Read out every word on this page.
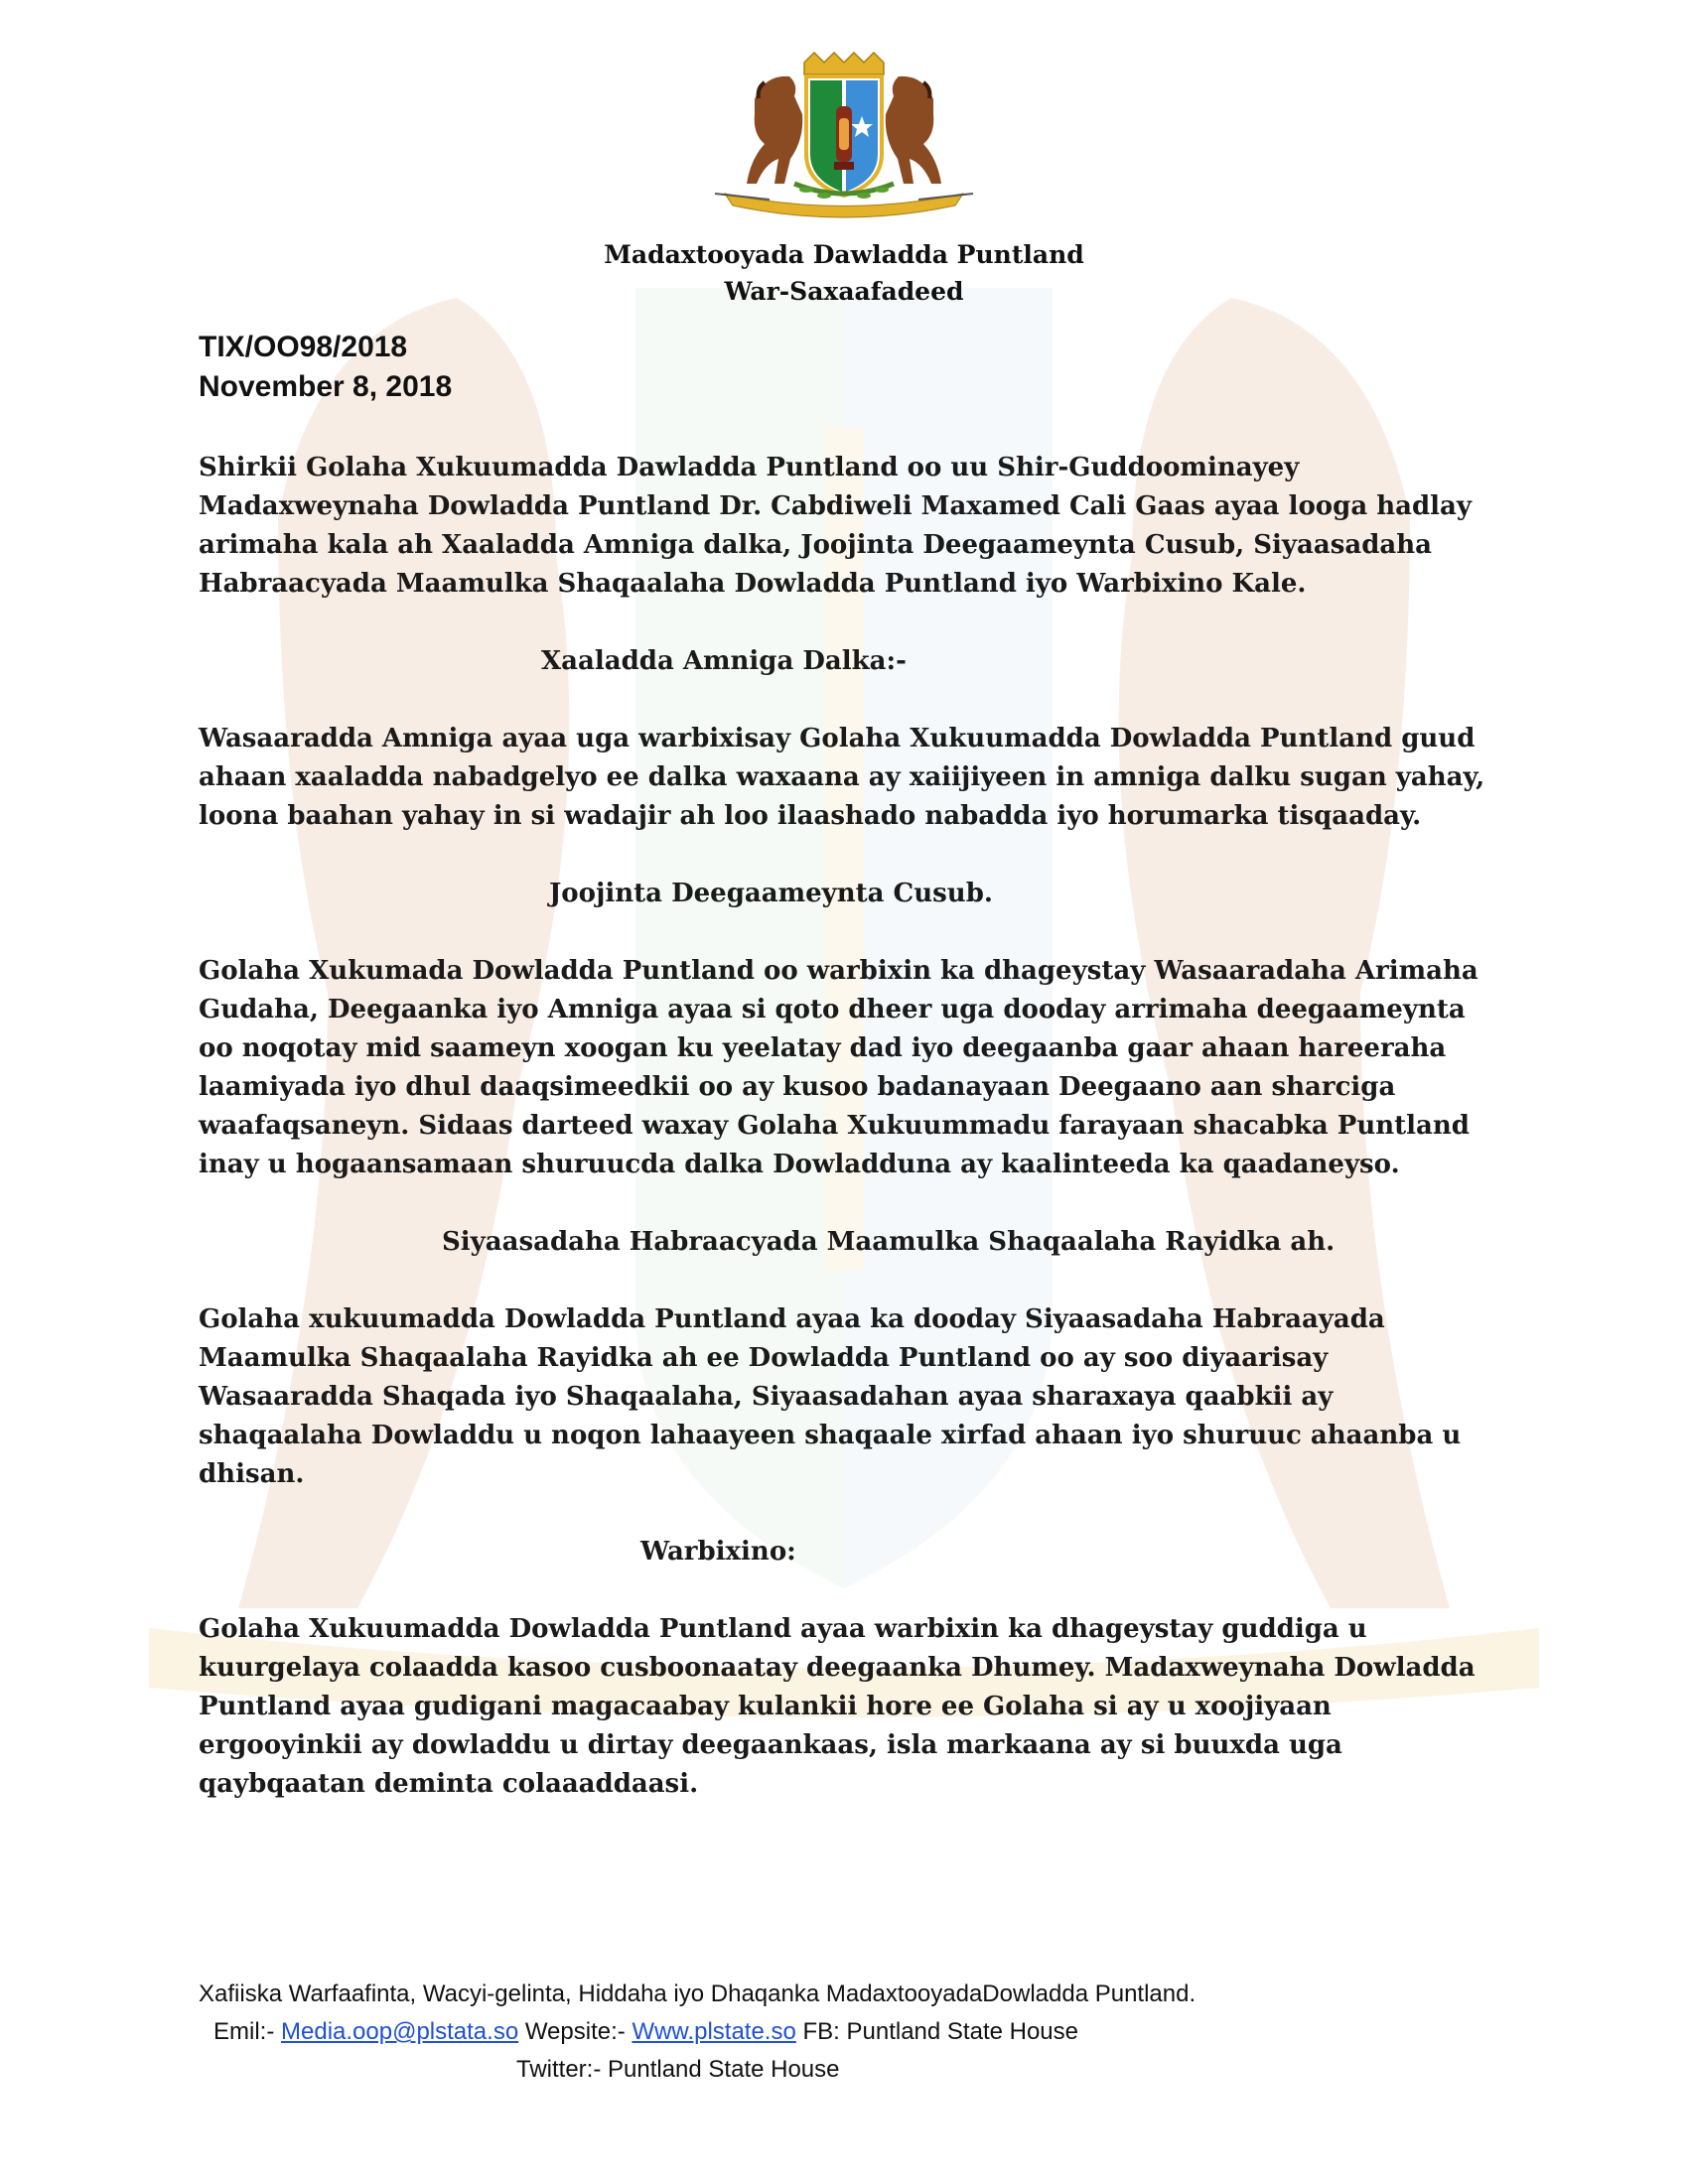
Madaxtooyada Dawladda Puntland
War-Saxaafadeed
TIX/OO98/2018
November 8, 2018

Shirkii Golaha Xukuumadda Dawladda Puntland oo uu Shir-Guddoominayey Madaxweynaha Dowladda Puntland Dr. Cabdiweli Maxamed Cali Gaas ayaa looga hadlay arimaha kala ah Xaaladda Amniga dalka, Joojinta Deegaameynta Cusub, Siyaasadaha Habraacyada Maamulka Shaqaalaha Dowladda Puntland iyo Warbixino Kale.

Xaaladda Amniga Dalka:-

Wasaaradda Amniga ayaa uga warbixisay Golaha Xukuumadda Dowladda Puntland guud ahaan xaaladda nabadgelyo ee dalka waxaana ay xaiijiyeen in amniga dalku sugan yahay, loona baahan yahay in si wadajir ah loo ilaashado nabadda iyo horumarka tisqaaday.

Joojinta Deegaameynta Cusub.

Golaha Xukumada Dowladda Puntland oo warbixin ka dhageystay Wasaaradaha Arimaha Gudaha, Deegaanka iyo Amniga ayaa si qoto dheer uga dooday arrimaha deegaameynta oo noqotay mid saameyn xoogan ku yeelatay dad iyo deegaanba gaar ahaan hareeraha laamiyada iyo dhul daaqsimeedkii oo ay kusoo badanayaan Deegaano aan sharciga waafaqsaneyn. Sidaas darteed waxay Golaha Xukuummadu farayaan shacabka Puntland inay u hogaansamaan shuruucda dalka Dowladduna ay kaalinteeda ka qaadaneyso.

Siyaasadaha Habraacyada Maamulka Shaqaalaha Rayidka ah.

Golaha xukuumadda Dowladda Puntland ayaa ka dooday Siyaasadaha Habraayada Maamulka Shaqaalaha Rayidka ah ee Dowladda Puntland oo ay soo diyaarisay Wasaaradda Shaqada iyo Shaqaalaha, Siyaasadahan ayaa sharaxaya qaabkii ay shaqaalaha Dowladdu u noqon lahaayeen shaqaale xirfad ahaan iyo shuruuc ahaanba u dhisan.

Warbixino:

Golaha Xukuumadda Dowladda Puntland ayaa warbixin ka dhageystay guddiga u kuurgelaya colaadda kasoo cusboonaatay deegaanka Dhumey. Madaxweynaha Dowladda Puntland ayaa gudigani magacaabay kulankii hore ee Golaha si ay u xoojiyaan ergooyinkii ay dowladdu u dirtay deegaankaas, isla markaana ay si buuxda uga qaybqaatan deminta colaaaddaasi.

Xafiiska Warfaafinta, Wacyi-gelinta, Hiddaha iyo Dhaqanka MadaxtooyadaDowladda Puntland.
Emil:- Media.oop@plstata.so Wepsite:- Www.plstate.so FB: Puntland State House
Twitter:- Puntland State House
